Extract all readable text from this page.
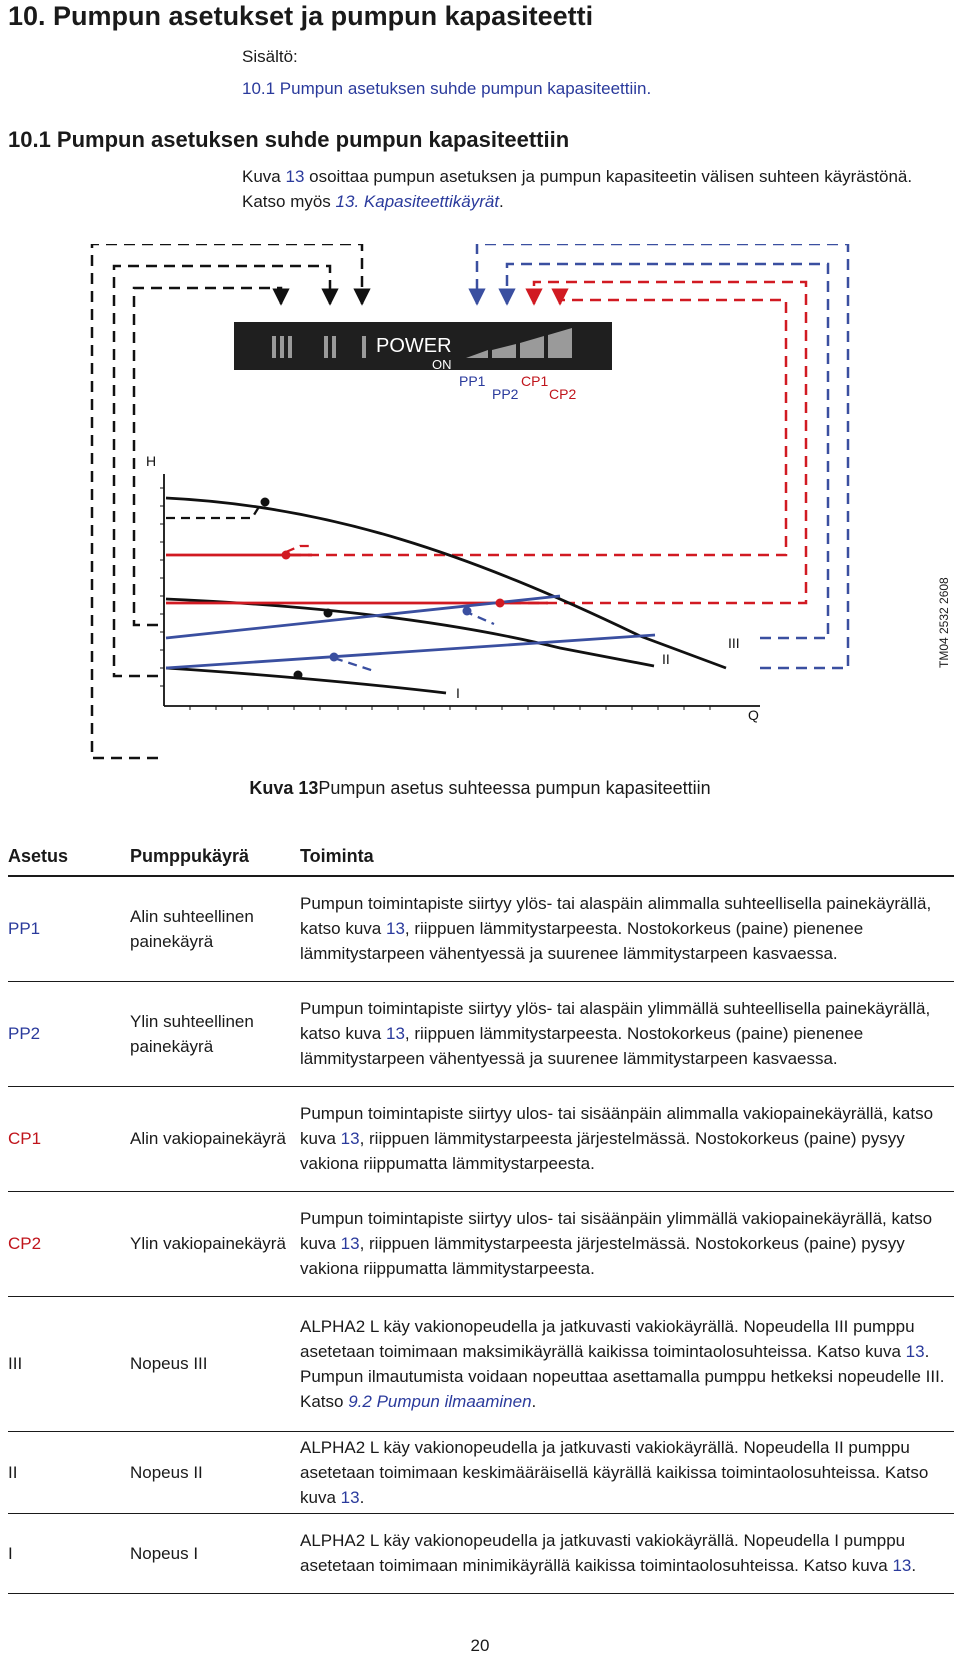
10. Pumpun asetukset ja pumpun kapasiteetti
Sisältö:
10.1 Pumpun asetuksen suhde pumpun kapasiteettiin.
10.1 Pumpun asetuksen suhde pumpun kapasiteettiin
Kuva 13 osoittaa pumpun asetuksen ja pumpun kapasiteetin välisen suhteen käyrästönä. Katso myös 13. Kapasiteettikäyrät.
POWER
ON
PP1
PP2
CP1
CP2
H
Q
I
II
III	TM04 2532 2608
Kuva 13Pumpun asetus suhteessa pumpun kapasiteettiin
Asetus	Pumppukäyrä	Toiminta
PP1	Alin suhteellinen painekäyrä	Pumpun toimintapiste siirtyy ylös- tai alaspäin alimmalla suhteellisella painekäyrällä, katso kuva 13, riippuen lämmitystarpeesta. Nostokorkeus (paine) pienenee lämmitystarpeen vähentyessä ja suurenee lämmitystarpeen kasvaessa.
PP2	Ylin suhteellinen painekäyrä	Pumpun toimintapiste siirtyy ylös- tai alaspäin ylimmällä suhteellisella painekäyrällä, katso kuva 13, riippuen lämmitystarpeesta. Nostokorkeus (paine) pienenee lämmitystarpeen vähentyessä ja suurenee lämmitystarpeen kasvaessa.
CP1	Alin vakiopainekäyrä	Pumpun toimintapiste siirtyy ulos- tai sisäänpäin alimmalla vakiopainekäyrällä, katso kuva 13, riippuen lämmitystarpeesta järjestelmässä. Nostokorkeus (paine) pysyy vakiona riippumatta lämmitystarpeesta.
CP2	Ylin vakiopainekäyrä	Pumpun toimintapiste siirtyy ulos- tai sisäänpäin ylimmällä vakiopainekäyrällä, katso kuva 13, riippuen lämmitystarpeesta järjestelmässä. Nostokorkeus (paine) pysyy vakiona riippumatta lämmitystarpeesta.
III	Nopeus III	ALPHA2 L käy vakionopeudella ja jatkuvasti vakiokäyrällä. Nopeudella III pumppu asetetaan toimimaan maksimikäyrällä kaikissa toimintaolosuhteissa. Katso kuva 13. Pumpun ilmautumista voidaan nopeuttaa asettamalla pumppu hetkeksi nopeudelle III. Katso 9.2 Pumpun ilmaaminen.
II	Nopeus II	ALPHA2 L käy vakionopeudella ja jatkuvasti vakiokäyrällä. Nopeudella II pumppu asetetaan toimimaan keskimääräisellä käyrällä kaikissa toimintaolosuhteissa. Katso kuva 13.
I	Nopeus I	ALPHA2 L käy vakionopeudella ja jatkuvasti vakiokäyrällä. Nopeudella I pumppu asetetaan toimimaan minimikäyrällä kaikissa toimintaolosuhteissa. Katso kuva 13.
20
